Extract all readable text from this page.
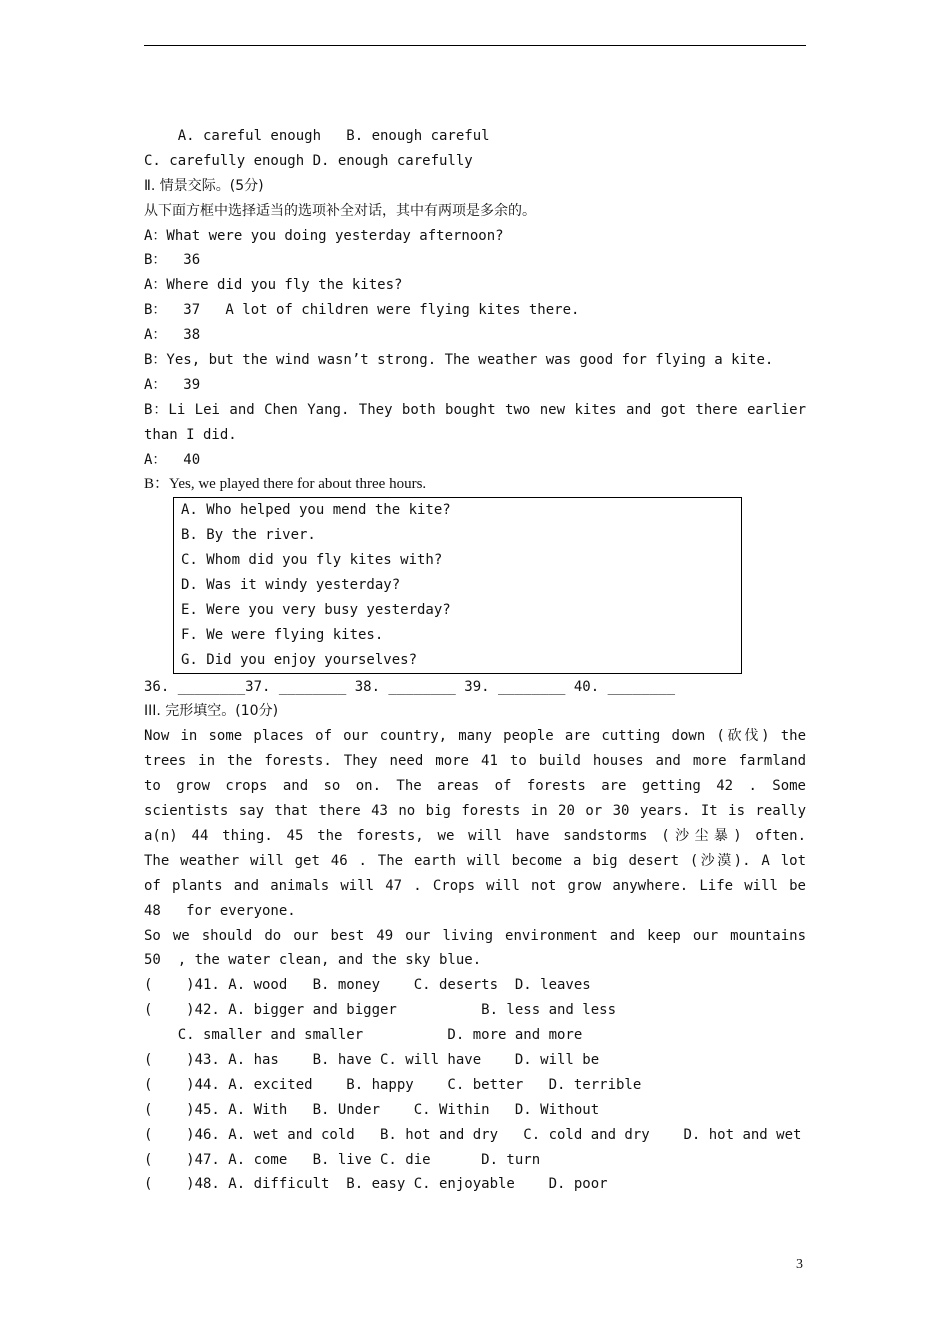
A. careful enough   B. enough careful
C. carefully enough D. enough carefully
Ⅱ. 情景交际。(5分)
从下面方框中选择适当的选项补全对话，其中有两项是多余的。
A：What were you doing yesterday afternoon?
B：  36
A：Where did you fly the kites?
B：  37   A lot of children were flying kites there.
A：  38
B：Yes, but the wind wasn’t strong. The weather was good for flying a kite.
A：  39
B：Li Lei and Chen Yang. They both bought two new kites and got there earlier
than I did.
A：  40
B：Yes, we played there for about three hours.
A. Who helped you mend the kite?
B. By the river.
C. Whom did you fly kites with?
D. Was it windy yesterday?
E. Were you very busy yesterday?
F. We were flying kites.
G. Did you enjoy yourselves?
36. ________37. ________ 38. ________ 39. ________ 40. ________
III. 完形填空。(10分)
Now in some places of our country, many people are cutting down (砍伐) the
trees in the forests. They need more 41 to build houses and more farmland
to grow crops and so on. The areas of forests are getting 42 . Some
scientists say that there 43 no big forests in 20 or 30 years. It is really
a(n) 44 thing. 45 the forests, we will have sandstorms (沙尘暴) often.
The weather will get 46 . The earth will become a big desert (沙漠). A lot
of plants and animals will 47 . Crops will not grow anywhere. Life will be
48   for everyone.
So we should do our best 49 our living environment and keep our mountains
50  , the water clean, and the sky blue.
(    )41. A. wood   B. money    C. deserts  D. leaves
(    )42. A. bigger and bigger          B. less and less
C. smaller and smaller          D. more and more
(    )43. A. has    B. have C. will have    D. will be
(    )44. A. excited    B. happy    C. better   D. terrible
(    )45. A. With   B. Under    C. Within   D. Without
(    )46. A. wet and cold   B. hot and dry   C. cold and dry    D. hot and wet
(    )47. A. come   B. live C. die      D. turn
(    )48. A. difficult  B. easy C. enjoyable    D. poor
3
